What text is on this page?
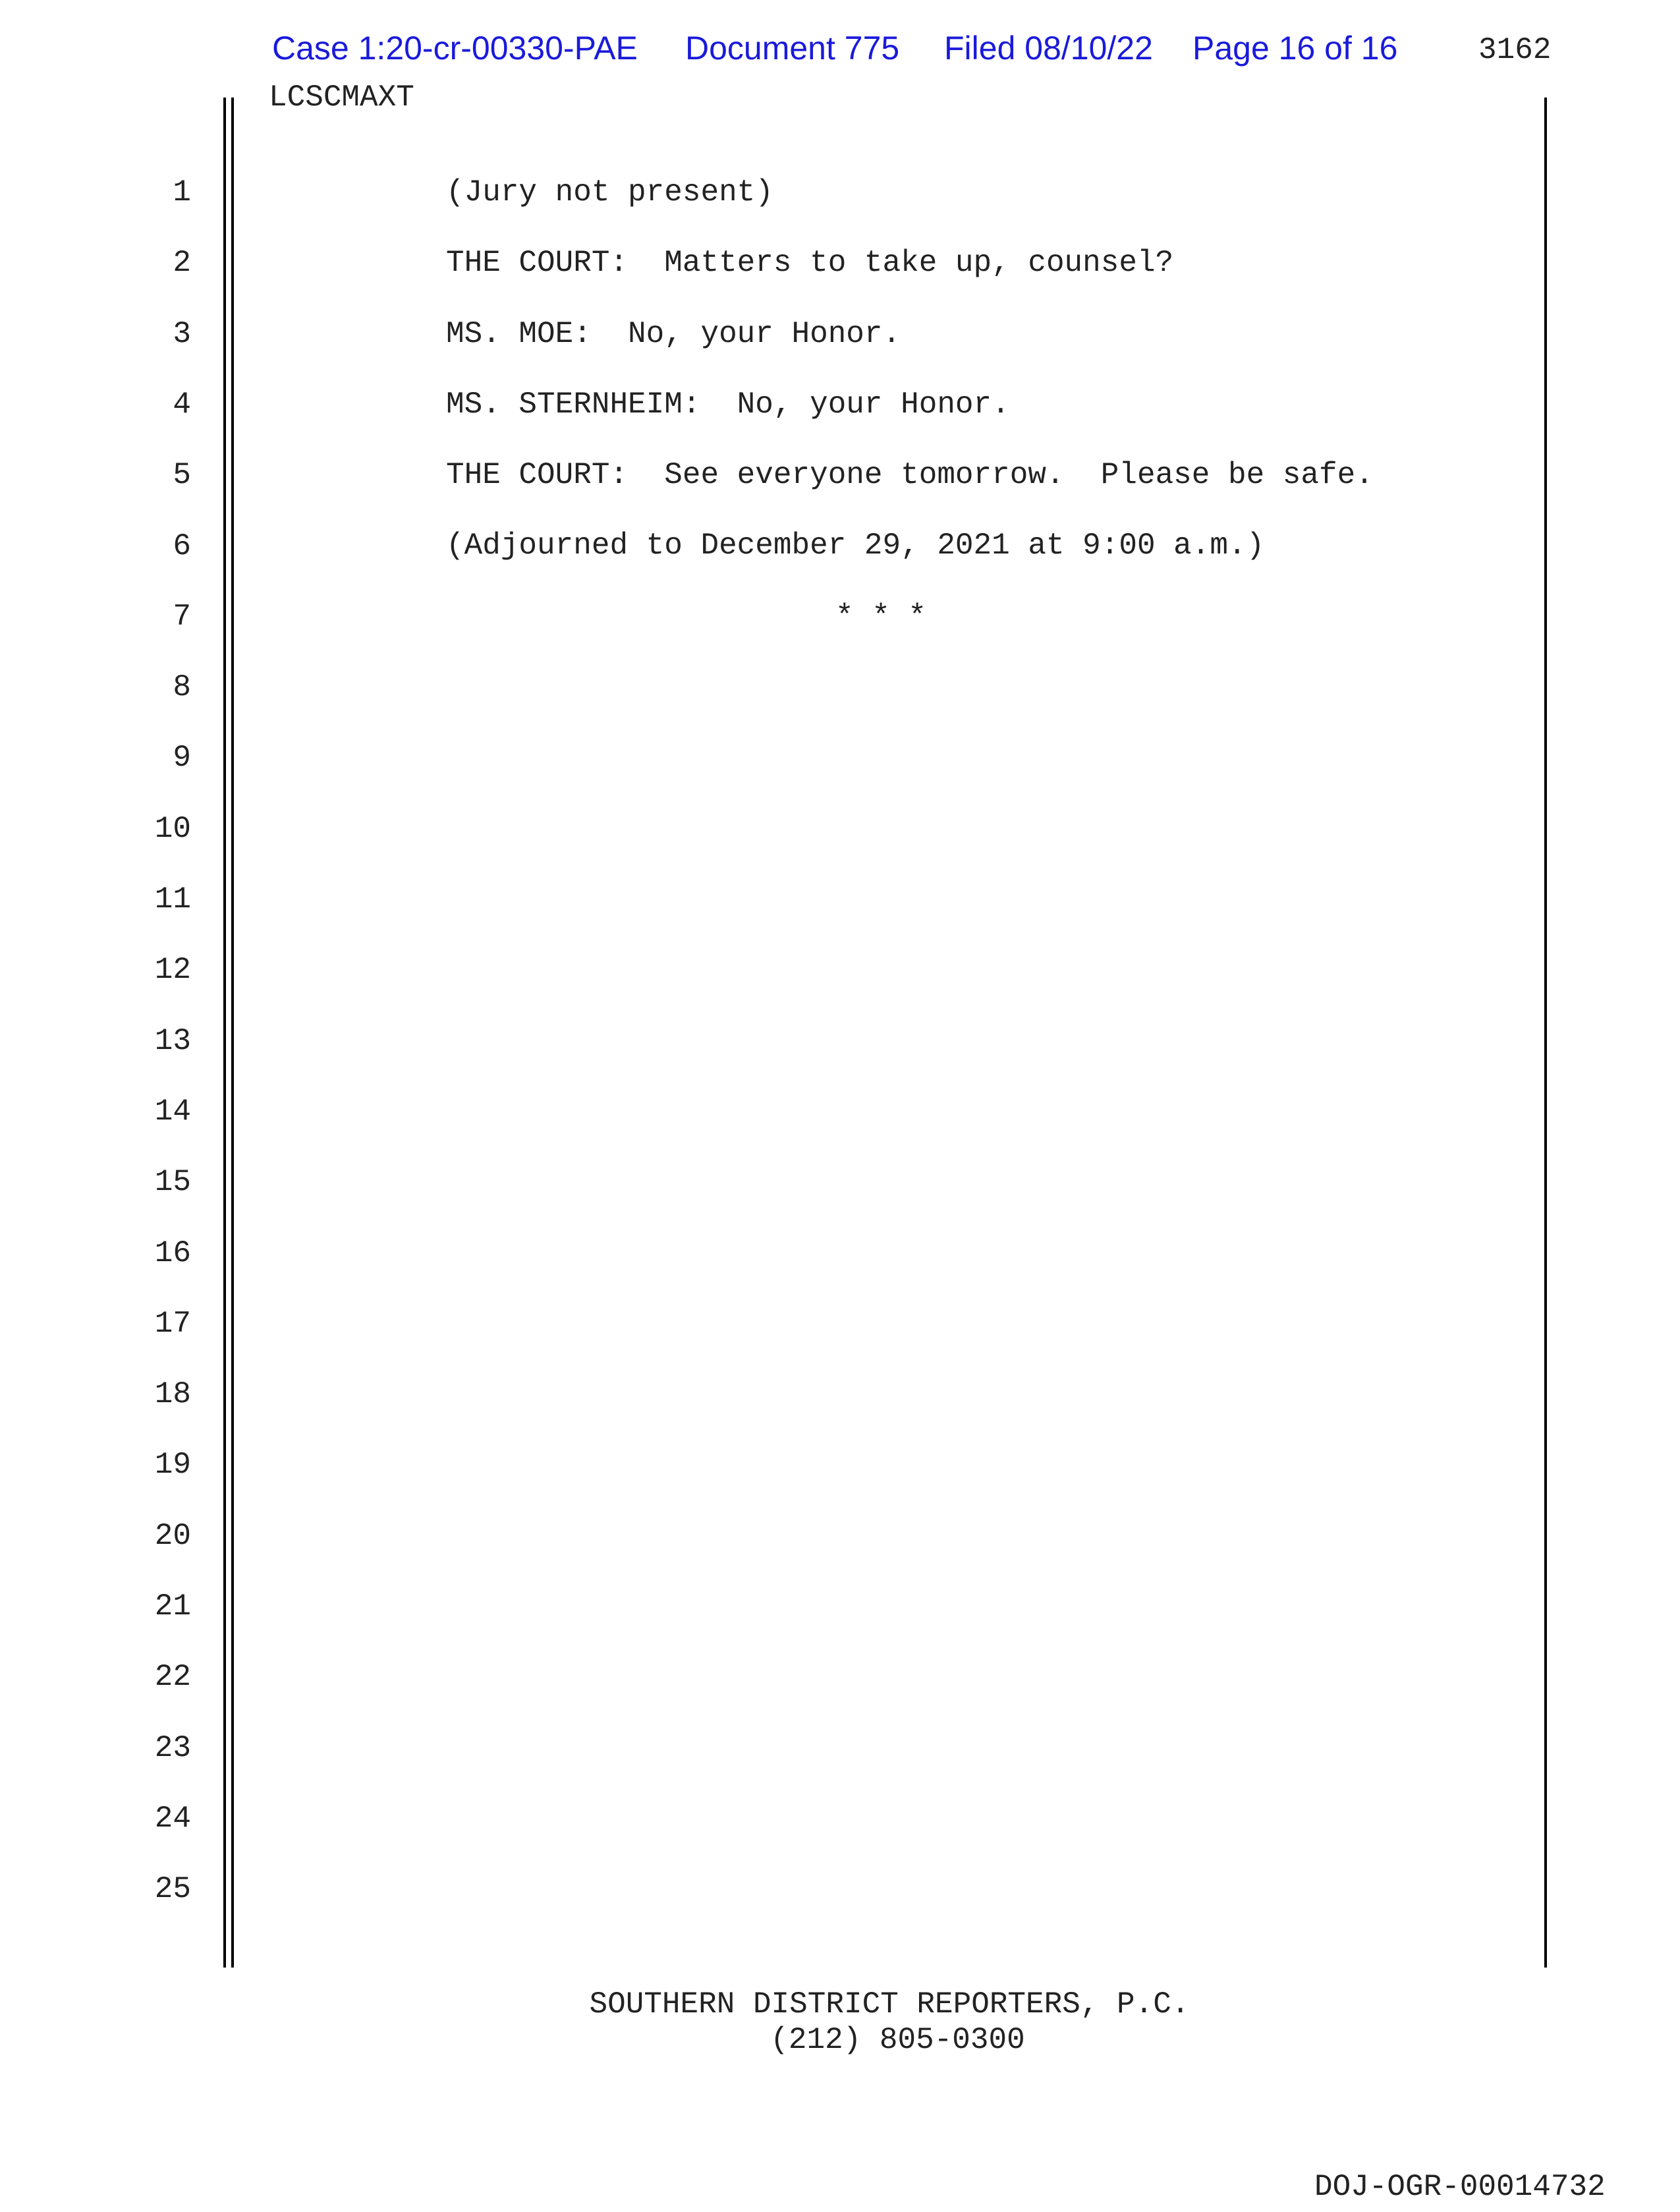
Case 1:20-cr-00330-PAE Document 775 Filed 08/10/22 Page 16 of 16	3162
LCSCMAXT
1
2
3
4
5
6
7
8
9
10
11
12
13
14
15
16
17
18
19
20
21
22
23
24
25
(Jury not present)
THE COURT:  Matters to take up, counsel?
MS. MOE:  No, your Honor.
MS. STERNHEIM:  No, your Honor.
THE COURT:  See everyone tomorrow.  Please be safe.
(Adjourned to December 29, 2021 at 9:00 a.m.)
* * *
SOUTHERN DISTRICT REPORTERS, P.C.
(212) 805-0300
DOJ-OGR-00014732
